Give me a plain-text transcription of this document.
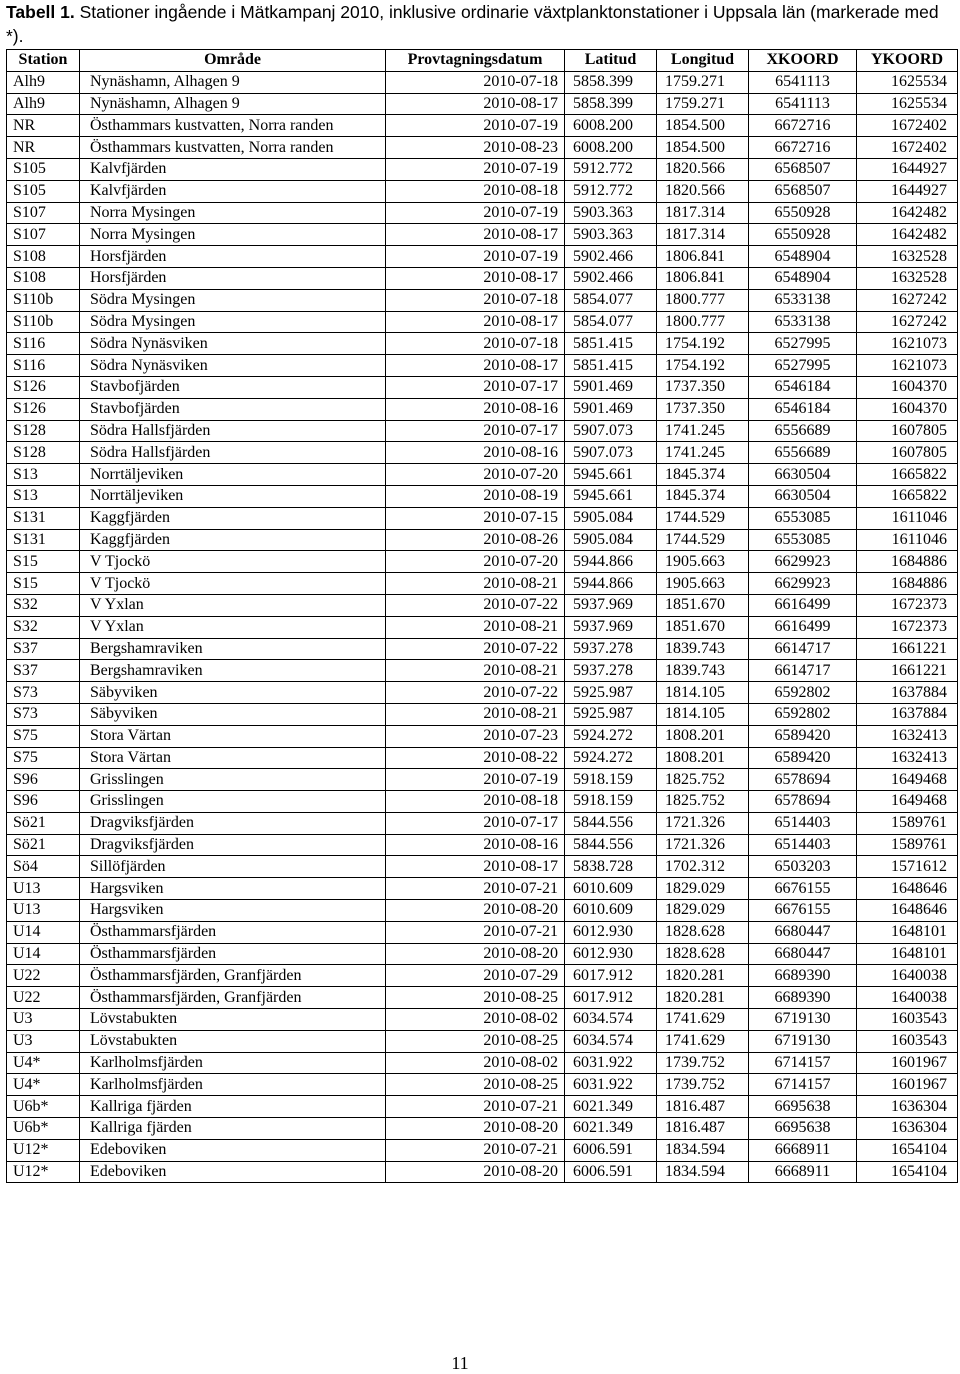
Tabell 1. Stationer ingående i Mätkampanj 2010, inklusive ordinarie växtplanktonstationer i Uppsala län (markerade med *).
Station	Område	Provtagningsdatum	Latitud	Longitud	XKOORD	YKOORD
Alh9	Nynäshamn, Alhagen 9	2010-07-18	5858.399	1759.271	6541113	1625534
Alh9	Nynäshamn, Alhagen 9	2010-08-17	5858.399	1759.271	6541113	1625534
NR	Östhammars kustvatten, Norra randen	2010-07-19	6008.200	1854.500	6672716	1672402
NR	Östhammars kustvatten, Norra randen	2010-08-23	6008.200	1854.500	6672716	1672402
S105	Kalvfjärden	2010-07-19	5912.772	1820.566	6568507	1644927
S105	Kalvfjärden	2010-08-18	5912.772	1820.566	6568507	1644927
S107	Norra Mysingen	2010-07-19	5903.363	1817.314	6550928	1642482
S107	Norra Mysingen	2010-08-17	5903.363	1817.314	6550928	1642482
S108	Horsfjärden	2010-07-19	5902.466	1806.841	6548904	1632528
S108	Horsfjärden	2010-08-17	5902.466	1806.841	6548904	1632528
S110b	Södra Mysingen	2010-07-18	5854.077	1800.777	6533138	1627242
S110b	Södra Mysingen	2010-08-17	5854.077	1800.777	6533138	1627242
S116	Södra Nynäsviken	2010-07-18	5851.415	1754.192	6527995	1621073
S116	Södra Nynäsviken	2010-08-17	5851.415	1754.192	6527995	1621073
S126	Stavbofjärden	2010-07-17	5901.469	1737.350	6546184	1604370
S126	Stavbofjärden	2010-08-16	5901.469	1737.350	6546184	1604370
S128	Södra Hallsfjärden	2010-07-17	5907.073	1741.245	6556689	1607805
S128	Södra Hallsfjärden	2010-08-16	5907.073	1741.245	6556689	1607805
S13	Norrtäljeviken	2010-07-20	5945.661	1845.374	6630504	1665822
S13	Norrtäljeviken	2010-08-19	5945.661	1845.374	6630504	1665822
S131	Kaggfjärden	2010-07-15	5905.084	1744.529	6553085	1611046
S131	Kaggfjärden	2010-08-26	5905.084	1744.529	6553085	1611046
S15	V Tjockö	2010-07-20	5944.866	1905.663	6629923	1684886
S15	V Tjockö	2010-08-21	5944.866	1905.663	6629923	1684886
S32	V Yxlan	2010-07-22	5937.969	1851.670	6616499	1672373
S32	V Yxlan	2010-08-21	5937.969	1851.670	6616499	1672373
S37	Bergshamraviken	2010-07-22	5937.278	1839.743	6614717	1661221
S37	Bergshamraviken	2010-08-21	5937.278	1839.743	6614717	1661221
S73	Säbyviken	2010-07-22	5925.987	1814.105	6592802	1637884
S73	Säbyviken	2010-08-21	5925.987	1814.105	6592802	1637884
S75	Stora Värtan	2010-07-23	5924.272	1808.201	6589420	1632413
S75	Stora Värtan	2010-08-22	5924.272	1808.201	6589420	1632413
S96	Grisslingen	2010-07-19	5918.159	1825.752	6578694	1649468
S96	Grisslingen	2010-08-18	5918.159	1825.752	6578694	1649468
Sö21	Dragviksfjärden	2010-07-17	5844.556	1721.326	6514403	1589761
Sö21	Dragviksfjärden	2010-08-16	5844.556	1721.326	6514403	1589761
Sö4	Sillöfjärden	2010-08-17	5838.728	1702.312	6503203	1571612
U13	Hargsviken	2010-07-21	6010.609	1829.029	6676155	1648646
U13	Hargsviken	2010-08-20	6010.609	1829.029	6676155	1648646
U14	Östhammarsfjärden	2010-07-21	6012.930	1828.628	6680447	1648101
U14	Östhammarsfjärden	2010-08-20	6012.930	1828.628	6680447	1648101
U22	Östhammarsfjärden, Granfjärden	2010-07-29	6017.912	1820.281	6689390	1640038
U22	Östhammarsfjärden, Granfjärden	2010-08-25	6017.912	1820.281	6689390	1640038
U3	Lövstabukten	2010-08-02	6034.574	1741.629	6719130	1603543
U3	Lövstabukten	2010-08-25	6034.574	1741.629	6719130	1603543
U4*	Karlholmsfjärden	2010-08-02	6031.922	1739.752	6714157	1601967
U4*	Karlholmsfjärden	2010-08-25	6031.922	1739.752	6714157	1601967
U6b*	Kallriga fjärden	2010-07-21	6021.349	1816.487	6695638	1636304
U6b*	Kallriga fjärden	2010-08-20	6021.349	1816.487	6695638	1636304
U12*	Edeboviken	2010-07-21	6006.591	1834.594	6668911	1654104
U12*	Edeboviken	2010-08-20	6006.591	1834.594	6668911	1654104
11
